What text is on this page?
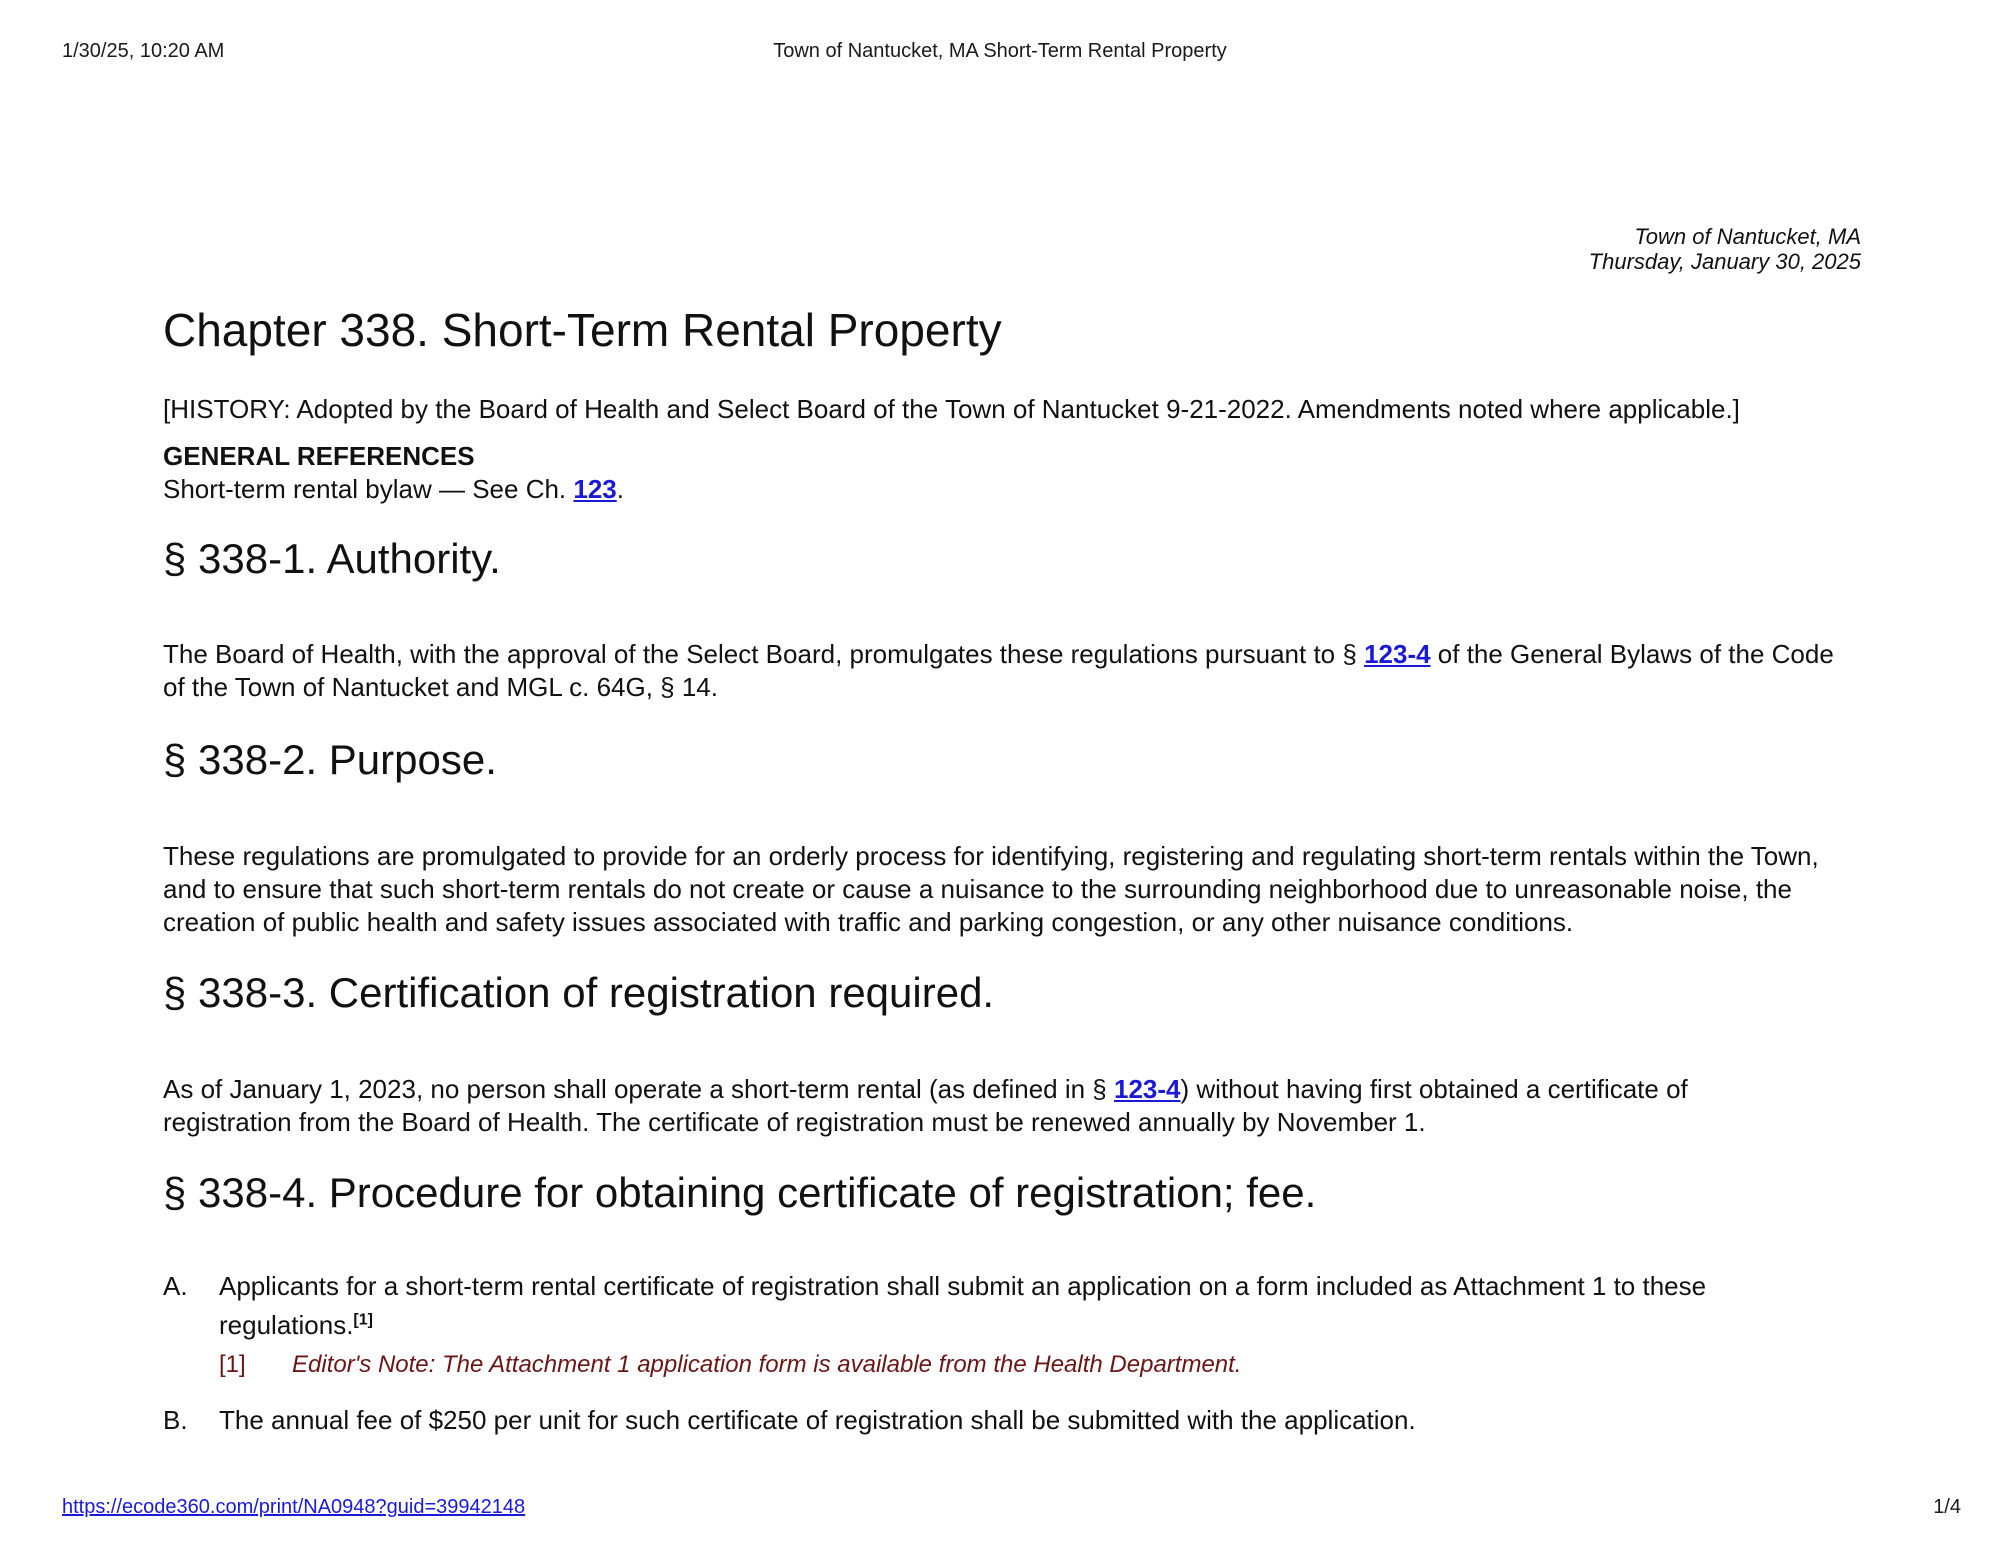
1/30/25, 10:20 AM	Town of Nantucket, MA Short-Term Rental Property
Town of Nantucket, MA
Thursday, January 30, 2025
Chapter 338. Short-Term Rental Property
[HISTORY: Adopted by the Board of Health and Select Board of the Town of Nantucket 9-21-2022. Amendments noted where applicable.]
GENERAL REFERENCES
Short-term rental bylaw — See Ch. 123.
§ 338-1. Authority.
The Board of Health, with the approval of the Select Board, promulgates these regulations pursuant to § 123-4 of the General Bylaws of the Code of the Town of Nantucket and MGL c. 64G, § 14.
§ 338-2. Purpose.
These regulations are promulgated to provide for an orderly process for identifying, registering and regulating short-term rentals within the Town, and to ensure that such short-term rentals do not create or cause a nuisance to the surrounding neighborhood due to unreasonable noise, the creation of public health and safety issues associated with traffic and parking congestion, or any other nuisance conditions.
§ 338-3. Certification of registration required.
As of January 1, 2023, no person shall operate a short-term rental (as defined in § 123-4) without having first obtained a certificate of registration from the Board of Health. The certificate of registration must be renewed annually by November 1.
§ 338-4. Procedure for obtaining certificate of registration; fee.
A. Applicants for a short-term rental certificate of registration shall submit an application on a form included as Attachment 1 to these regulations.[1]
[1] Editor's Note: The Attachment 1 application form is available from the Health Department.
B. The annual fee of $250 per unit for such certificate of registration shall be submitted with the application.
https://ecode360.com/print/NA0948?guid=39942148	1/4
